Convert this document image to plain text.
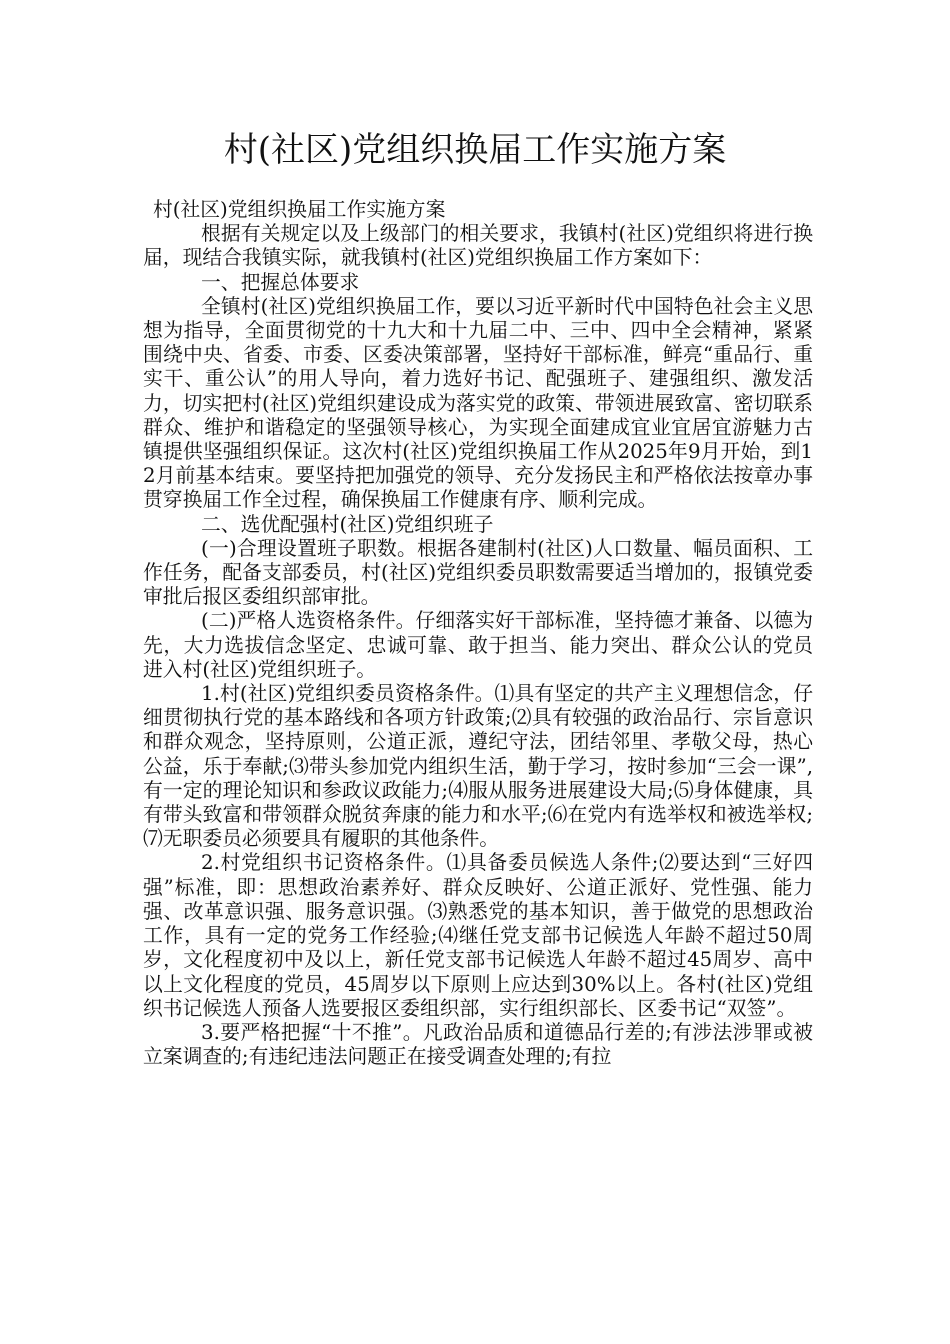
村(社区)党组织换届工作实施方案

村(社区)党组织换届工作实施方案

根据有关规定以及上级部门的相关要求，我镇村(社区)党组织将进行换届，现结合我镇实际，就我镇村(社区)党组织换届工作方案如下：

一、把握总体要求

全镇村(社区)党组织换届工作，要以习近平新时代中国特色社会主义思想为指导，全面贯彻党的十九大和十九届二中、三中、四中全会精神，紧紧围绕中央、省委、市委、区委决策部署，坚持好干部标准，鲜亮“重品行、重实干、重公认”的用人导向，着力选好书记、配强班子、建强组织、激发活力，切实把村(社区)党组织建设成为落实党的政策、带领进展致富、密切联系群众、维护和谐稳定的坚强领导核心，为实现全面建成宜业宜居宜游魅力古镇提供坚强组织保证。这次村(社区)党组织换届工作从2025年9月开始，到12月前基本结束。要坚持把加强党的领导、充分发扬民主和严格依法按章办事贯穿换届工作全过程，确保换届工作健康有序、顺利完成。

二、选优配强村(社区)党组织班子

(一)合理设置班子职数。根据各建制村(社区)人口数量、幅员面积、工作任务，配备支部委员，村(社区)党组织委员职数需要适当增加的，报镇党委审批后报区委组织部审批。

(二)严格人选资格条件。仔细落实好干部标准，坚持德才兼备、以德为先，大力选拔信念坚定、忠诚可靠、敢于担当、能力突出、群众公认的党员进入村(社区)党组织班子。

1.村(社区)党组织委员资格条件。⑴具有坚定的共产主义理想信念，仔细贯彻执行党的基本路线和各项方针政策;⑵具有较强的政治品行、宗旨意识和群众观念，坚持原则，公道正派，遵纪守法，团结邻里、孝敬父母，热心公益，乐于奉献;⑶带头参加党内组织生活，勤于学习，按时参加“三会一课”,有一定的理论知识和参政议政能力;⑷服从服务进展建设大局;⑸身体健康，具有带头致富和带领群众脱贫奔康的能力和水平;⑹在党内有选举权和被选举权;⑺无职委员必须要具有履职的其他条件。

2.村党组织书记资格条件。⑴具备委员候选人条件;⑵要达到“三好四强”标准，即：思想政治素养好、群众反映好、公道正派好、党性强、能力强、改革意识强、服务意识强。⑶熟悉党的基本知识，善于做党的思想政治工作，具有一定的党务工作经验;⑷继任党支部书记候选人年龄不超过50周岁，文化程度初中及以上，新任党支部书记候选人年龄不超过45周岁、高中以上文化程度的党员，45周岁以下原则上应达到30%以上。各村(社区)党组织书记候选人预备人选要报区委组织部，实行组织部长、区委书记“双签”。

3.要严格把握“十不推”。凡政治品质和道德品行差的;有涉法涉罪或被立案调查的;有违纪违法问题正在接受调查处理的;有拉
